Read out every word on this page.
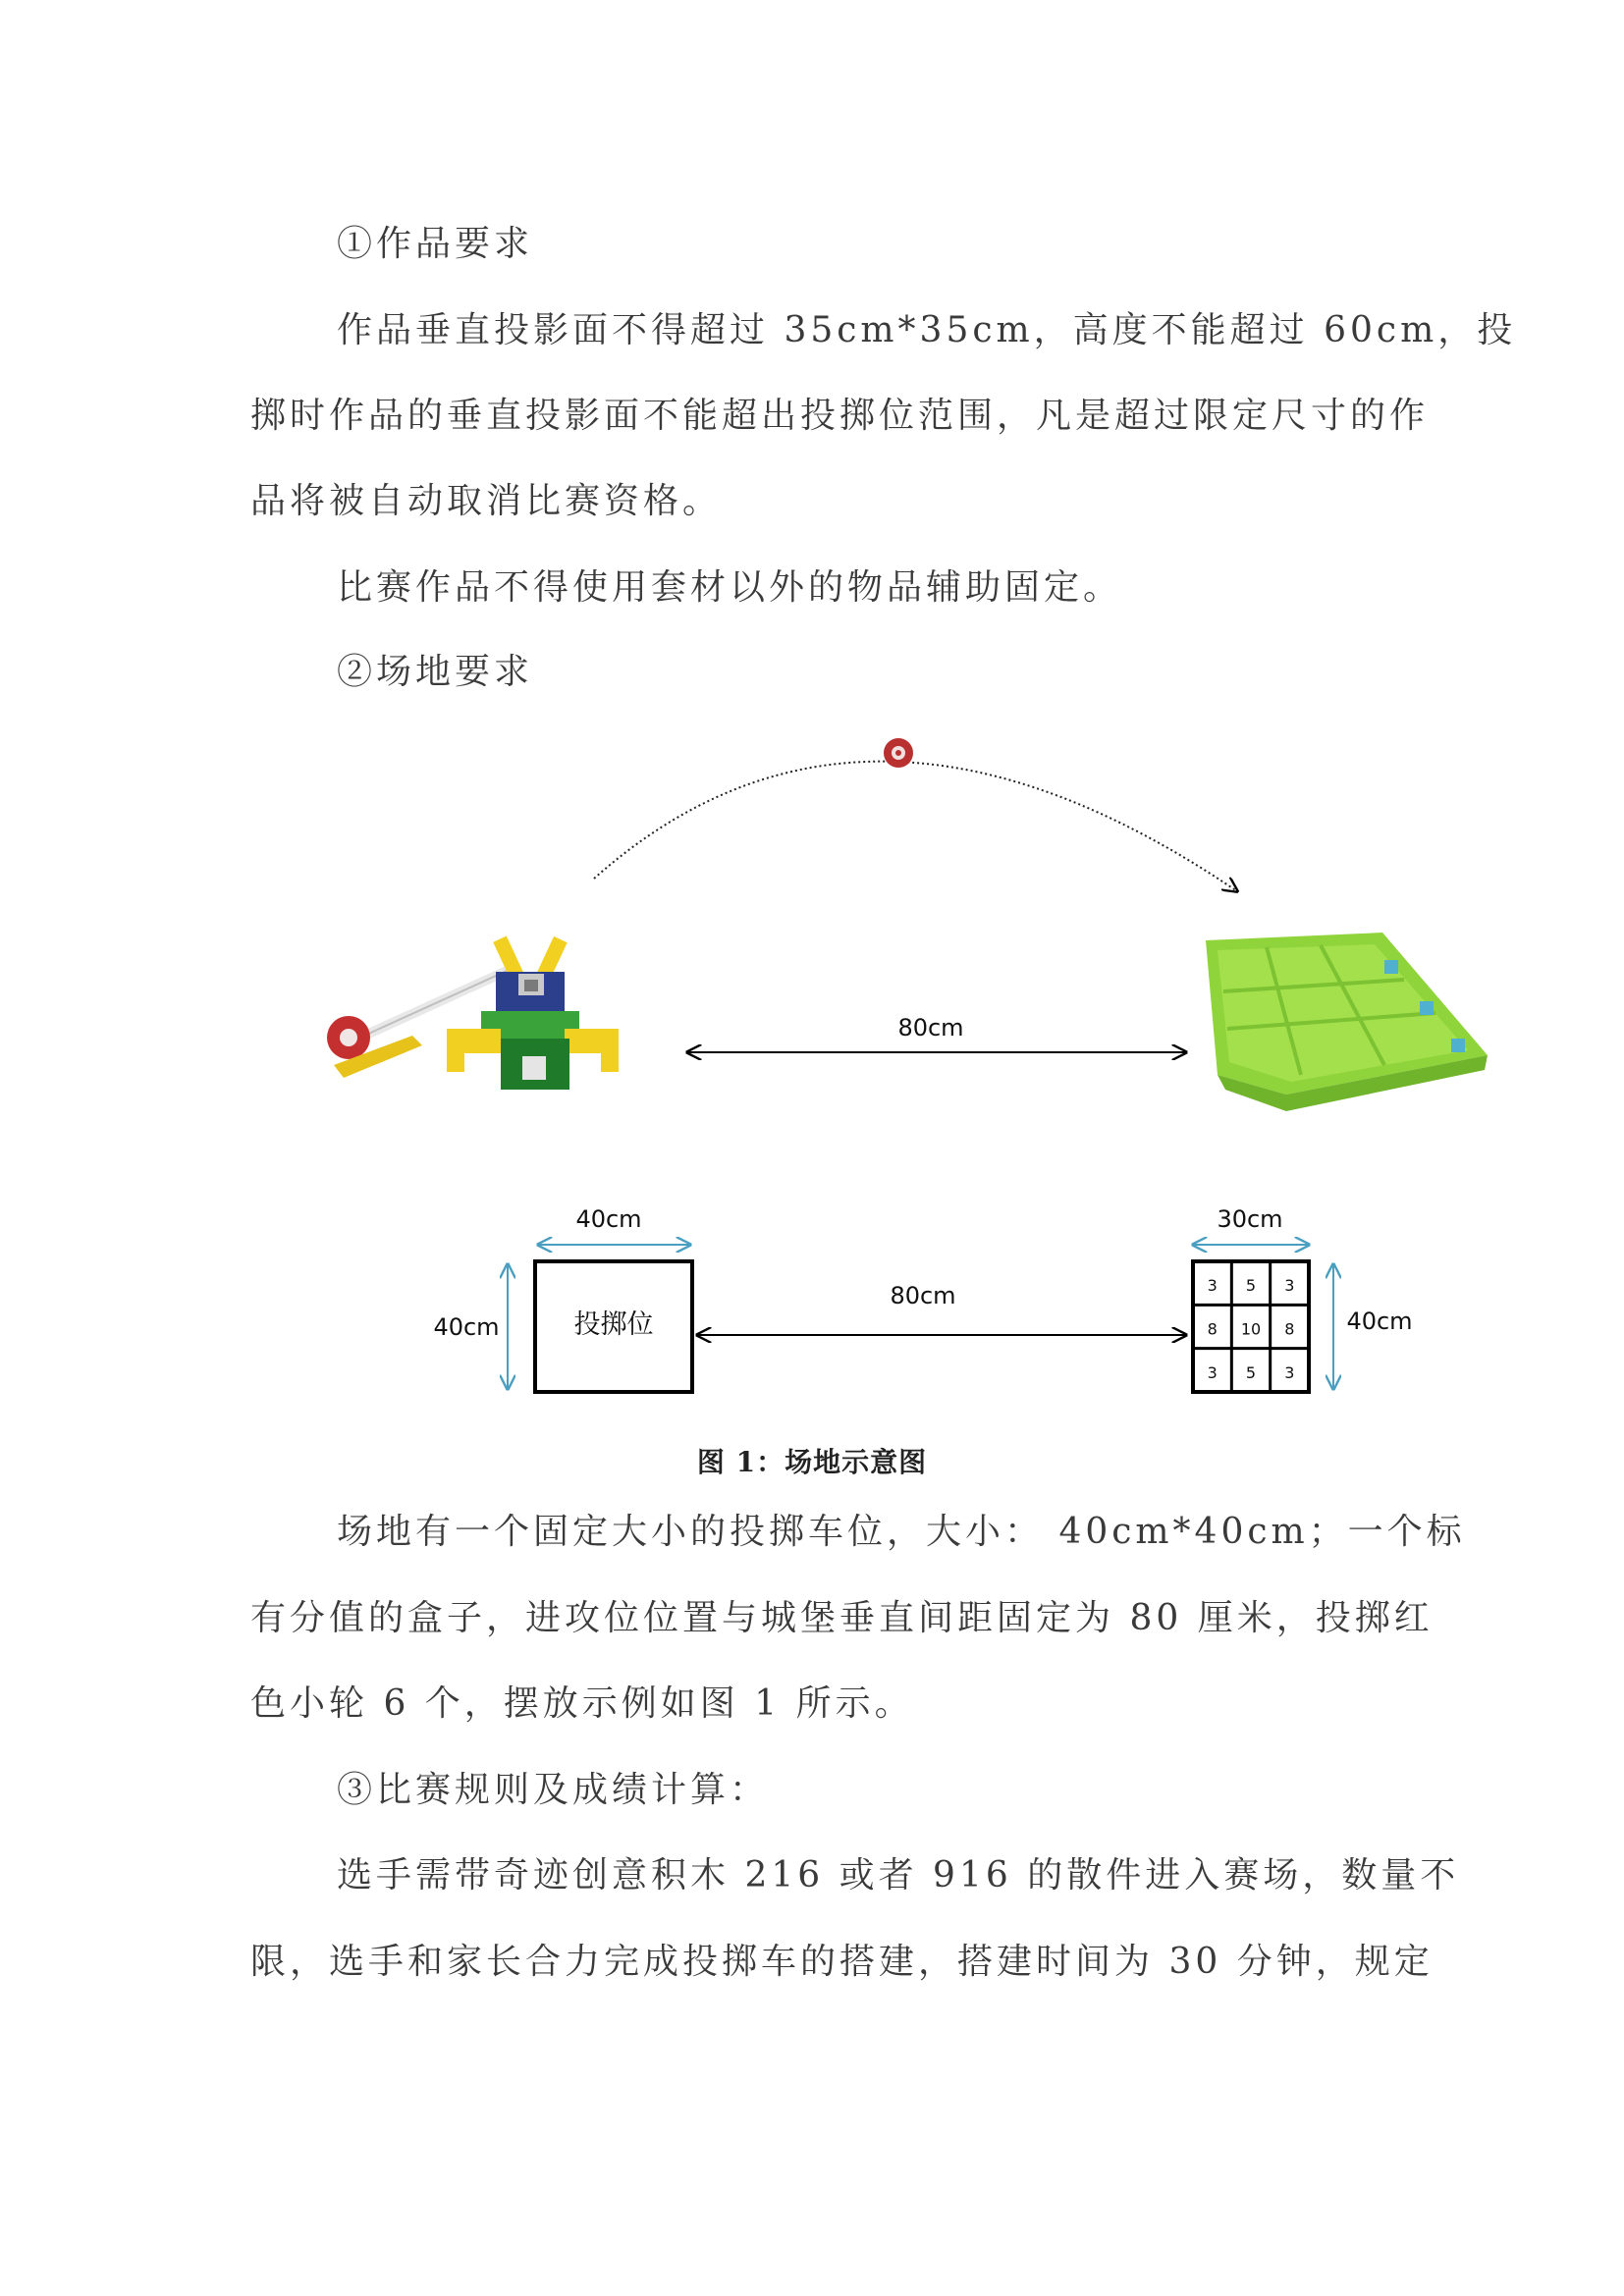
①作品要求

作品垂直投影面不得超过 35cm*35cm，高度不能超过 60cm，投

掷时作品的垂直投影面不能超出投掷位范围，凡是超过限定尺寸的作

品将被自动取消比赛资格。

比赛作品不得使用套材以外的物品辅助固定。

②场地要求

80cm
40cm
40cm	投掷位
80cm
30cm
3 5 3
8 10 8
3 5 3
40cm
图 1：场地示意图

场地有一个固定大小的投掷车位，大小： 40cm*40cm；一个标

有分值的盒子，进攻位位置与城堡垂直间距固定为 80 厘米，投掷红

色小轮 6 个，摆放示例如图 1 所示。

③比赛规则及成绩计算：

选手需带奇迹创意积木 216 或者 916 的散件进入赛场，数量不

限，选手和家长合力完成投掷车的搭建，搭建时间为 30 分钟，规定
